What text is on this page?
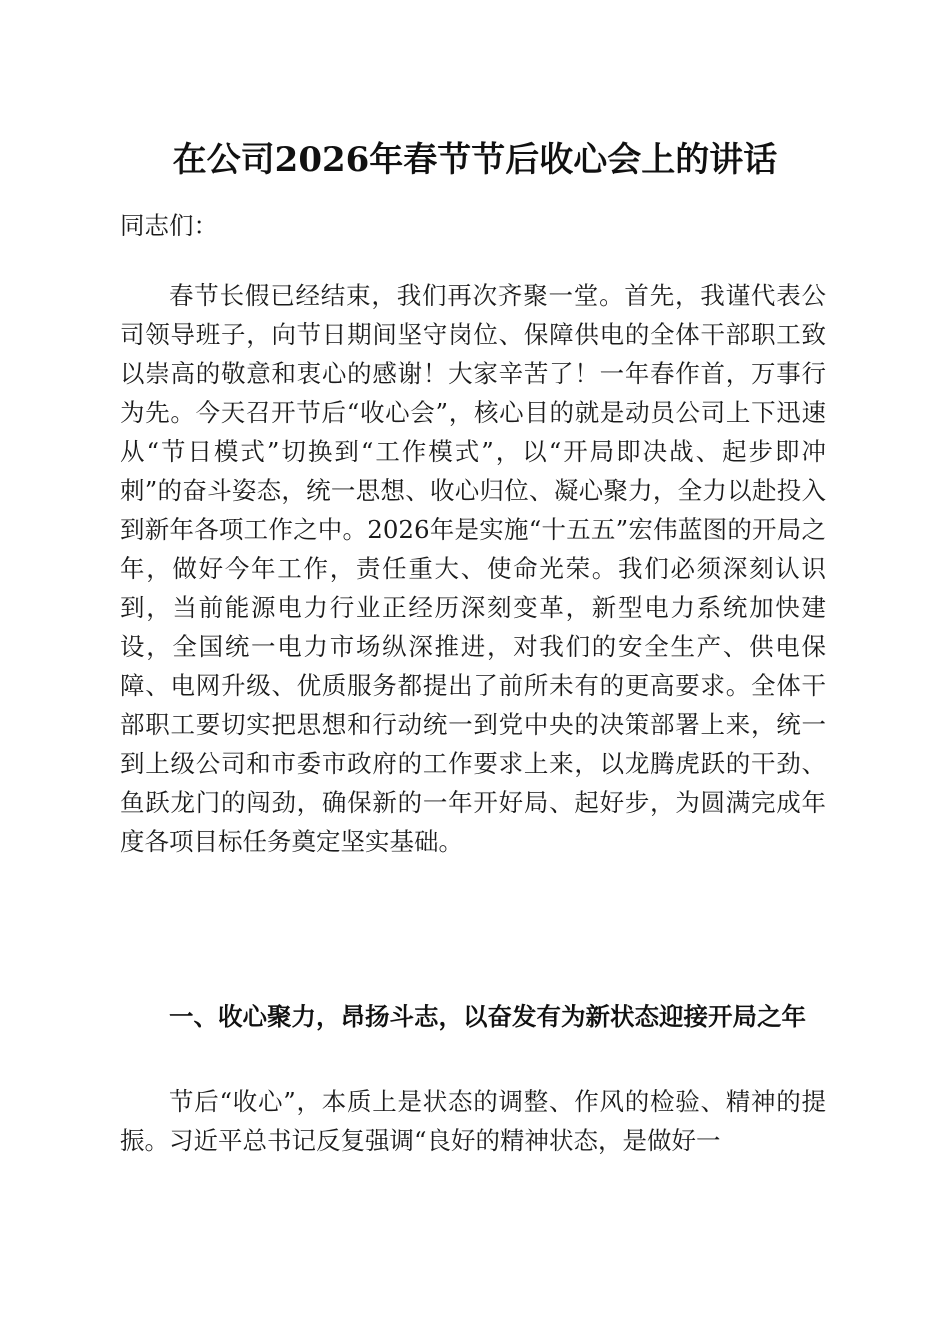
在公司2026年春节节后收心会上的讲话

同志们：

春节长假已经结束，我们再次齐聚一堂。首先，我谨代表公司领导班子，向节日期间坚守岗位、保障供电的全体干部职工致以崇高的敬意和衷心的感谢！大家辛苦了！一年春作首，万事行为先。今天召开节后“收心会”，核心目的就是动员公司上下迅速从“节日模式”切换到“工作模式”，以“开局即决战、起步即冲刺”的奋斗姿态，统一思想、收心归位、凝心聚力，全力以赴投入到新年各项工作之中。2026年是实施“十五五”宏伟蓝图的开局之年，做好今年工作，责任重大、使命光荣。我们必须深刻认识到，当前能源电力行业正经历深刻变革，新型电力系统加快建设，全国统一电力市场纵深推进，对我们的安全生产、供电保障、电网升级、优质服务都提出了前所未有的更高要求。全体干部职工要切实把思想和行动统一到党中央的决策部署上来，统一到上级公司和市委市政府的工作要求上来，以龙腾虎跃的干劲、鱼跃龙门的闯劲，确保新的一年开好局、起好步，为圆满完成年度各项目标任务奠定坚实基础。

一、收心聚力，昂扬斗志，以奋发有为新状态迎接开局之年

节后“收心”，本质上是状态的调整、作风的检验、精神的提振。习近平总书记反复强调“良好的精神状态，是做好一
